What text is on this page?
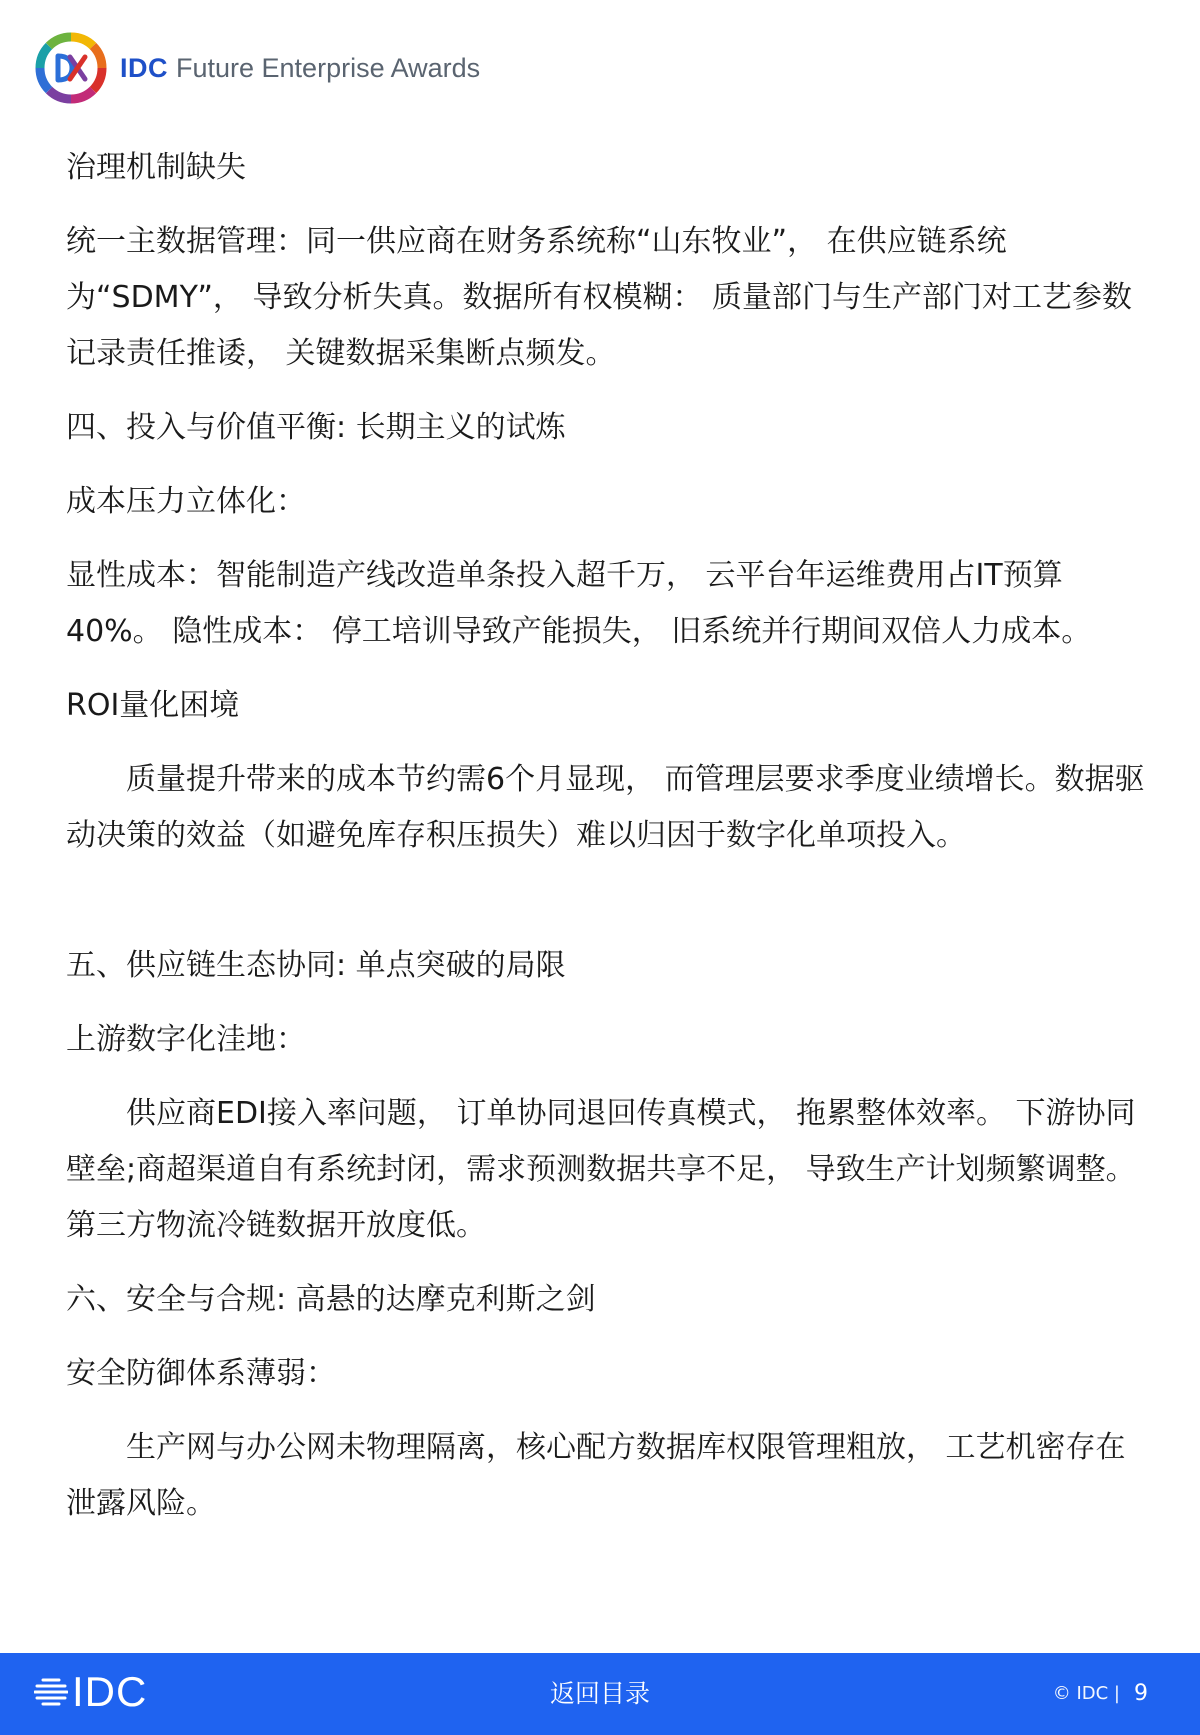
IDC Future Enterprise Awards

治理机制缺失

统一主数据管理：同一供应商在财务系统称“山东牧业”， 在供应链系统为“SDMY”， 导致分析失真。数据所有权模糊： 质量部门与生产部门对工艺参数记录责任推诿， 关键数据采集断点频发。

四、投入与价值平衡: 长期主义的试炼

成本压力立体化：

显性成本：智能制造产线改造单条投入超千万， 云平台年运维费用占IT预算40%。 隐性成本： 停工培训导致产能损失， 旧系统并行期间双倍人力成本。

ROI量化困境

质量提升带来的成本节约需6个月显现， 而管理层要求季度业绩增长。数据驱动决策的效益（如避免库存积压损失）难以归因于数字化单项投入。

五、供应链生态协同: 单点突破的局限

上游数字化洼地：

供应商EDI接入率问题， 订单协同退回传真模式， 拖累整体效率。 下游协同壁垒;商超渠道自有系统封闭，需求预测数据共享不足， 导致生产计划频繁调整。第三方物流冷链数据开放度低。

六、安全与合规: 高悬的达摩克利斯之剑

安全防御体系薄弱：

生产网与办公网未物理隔离，核心配方数据库权限管理粗放， 工艺机密存在泄露风险。

IDC	返回目录	© IDC | 9
